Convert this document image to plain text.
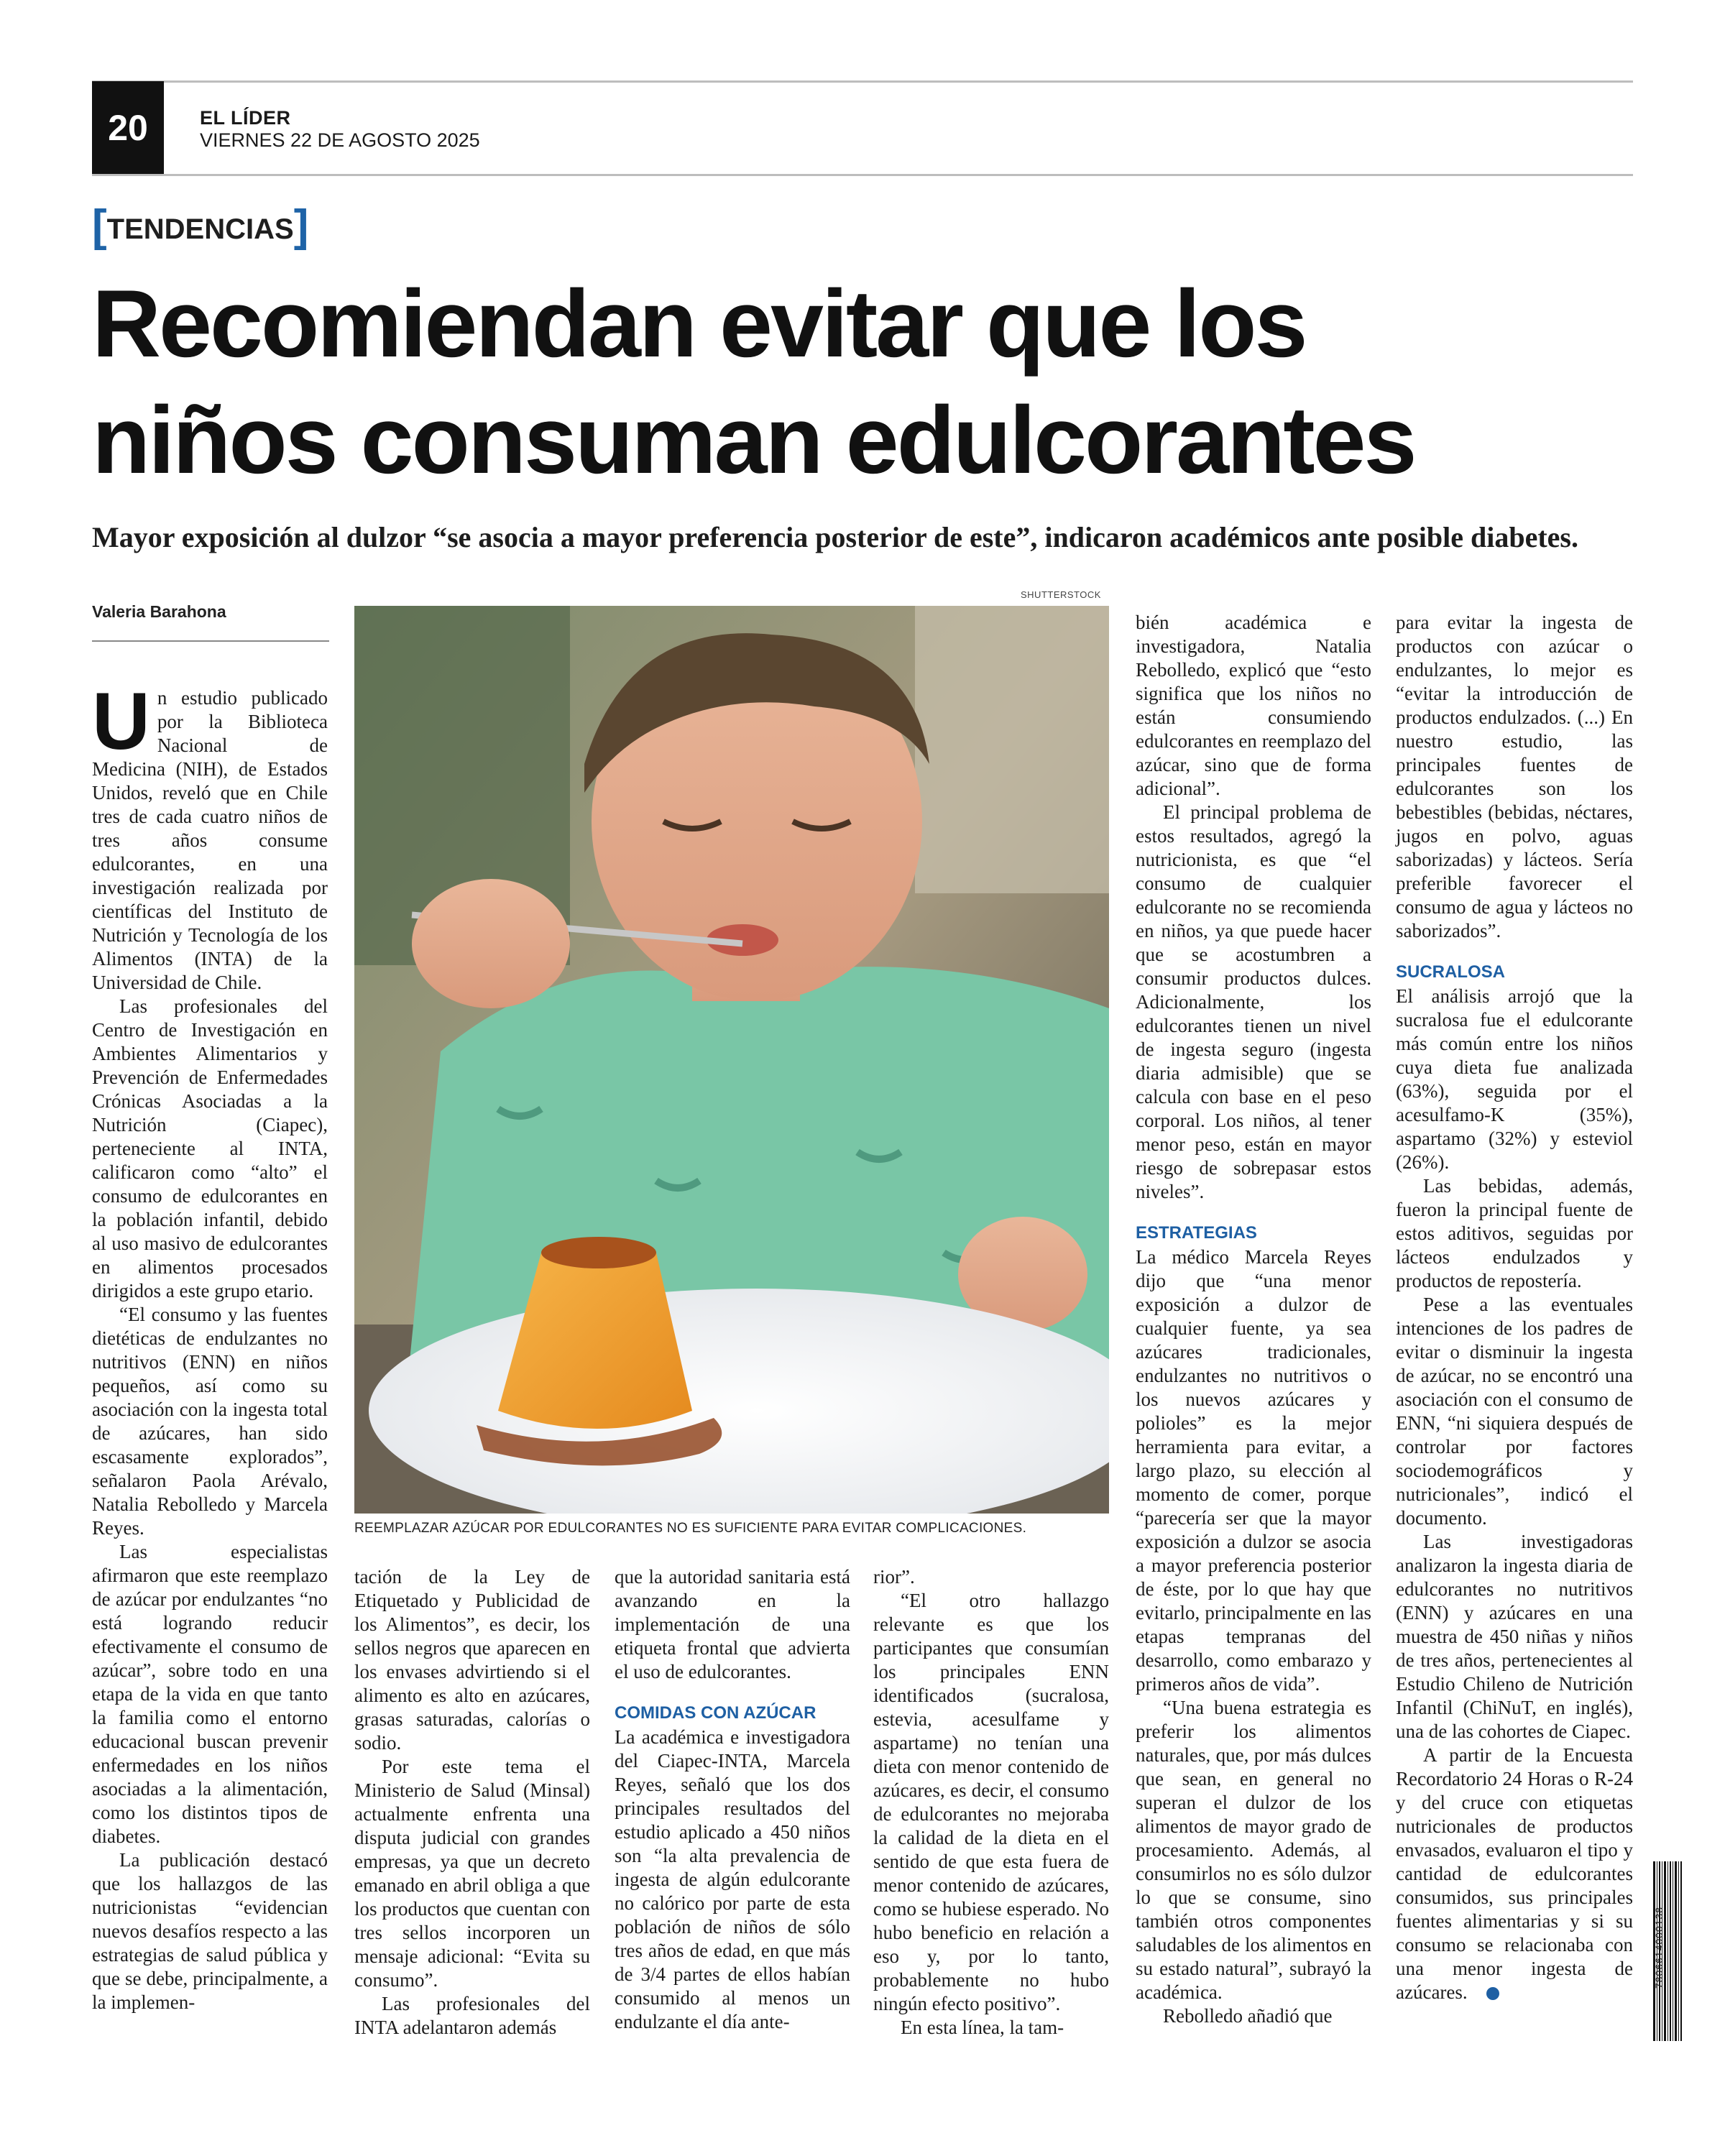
20	EL LÍDER
VIERNES 22 DE AGOSTO 2025
[TENDENCIAS]
Recomiendan evitar que los
niños consuman edulcorantes
Mayor exposición al dulzor “se asocia a mayor preferencia posterior de este”, indicaron académicos ante posible diabetes.
Valeria Barahona
SHUTTERSTOCK
REEMPLAZAR AZÚCAR POR EDULCORANTES NO ES SUFICIENTE PARA EVITAR COMPLICACIONES.

Un estudio publicado por la Biblioteca Nacional de Medicina (NIH), de Estados Unidos, reveló que en Chile tres de cada cuatro niños de tres años consume edulcorantes, en una investigación realizada por científicas del Instituto de Nutrición y Tecnología de los Alimentos (INTA) de la Universidad de Chile.

Las profesionales del Centro de Investigación en Ambientes Alimentarios y Prevención de Enfermedades Crónicas Asociadas a la Nutrición (Ciapec), perteneciente al INTA, calificaron como “alto” el consumo de edulcorantes en la población infantil, debido al uso masivo de edulcorantes en alimentos procesados dirigidos a este grupo etario.

“El consumo y las fuentes dietéticas de endulzantes no nutritivos (ENN) en niños pequeños, así como su asociación con la ingesta total de azúcares, han sido escasamente explorados”, señalaron Paola Arévalo, Natalia Rebolledo y Marcela Reyes.

Las especialistas afirmaron que este reemplazo de azúcar por endulzantes “no está logrando reducir efectivamente el consumo de azúcar”, sobre todo en una etapa de la vida en que tanto la familia como el entorno educacional buscan prevenir enfermedades en los niños asociadas a la alimentación, como los distintos tipos de diabetes.

La publicación destacó que los hallazgos de las nutricionistas “evidencian nuevos desafíos respecto a las estrategias de salud pública y que se debe, principalmente, a la implemen-

tación de la Ley de Etiquetado y Publicidad de los Alimentos”, es decir, los sellos negros que aparecen en los envases advirtiendo si el alimento es alto en azúcares, grasas saturadas, calorías o sodio.

Por este tema el Ministerio de Salud (Minsal) actualmente enfrenta una disputa judicial con grandes empresas, ya que un decreto emanado en abril obliga a que los productos que cuentan con tres sellos incorporen un mensaje adicional: “Evita su consumo”.

Las profesionales del INTA adelantaron además

que la autoridad sanitaria está avanzando en la implementación de una etiqueta frontal que advierta el uso de edulcorantes.

COMIDAS CON AZÚCAR

La académica e investigadora del Ciapec-INTA, Marcela Reyes, señaló que los dos principales resultados del estudio aplicado a 450 niños son “la alta prevalencia de ingesta de algún edulcorante no calórico por parte de esta población de niños de sólo tres años de edad, en que más de 3/4 partes de ellos habían consumido al menos un endulzante el día ante-

rior”.

“El otro hallazgo relevante es que los participantes que consumían los principales ENN identificados (sucralosa, estevia, acesulfame y aspartame) no tenían una dieta con menor contenido de azúcares, es decir, el consumo de edulcorantes no mejoraba la calidad de la dieta en el sentido de que esta fuera de menor contenido de azúcares, como se hubiese esperado. No hubo beneficio en relación a eso y, por lo tanto, probablemente no hubo ningún efecto positivo”.

En esta línea, la tam-

bién académica e investigadora, Natalia Rebolledo, explicó que “esto significa que los niños no están consumiendo edulcorantes en reemplazo del azúcar, sino que de forma adicional”.

El principal problema de estos resultados, agregó la nutricionista, es que “el consumo de cualquier edulcorante no se recomienda en niños, ya que puede hacer que se acostumbren a consumir productos dulces. Adicionalmente, los edulcorantes tienen un nivel de ingesta seguro (ingesta diaria admisible) que se calcula con base en el peso corporal. Los niños, al tener menor peso, están en mayor riesgo de sobrepasar estos niveles”.

ESTRATEGIAS

La médico Marcela Reyes dijo que “una menor exposición a dulzor de cualquier fuente, ya sea azúcares tradicionales, endulzantes no nutritivos o los nuevos azúcares y polioles” es la mejor herramienta para evitar, a largo plazo, su elección al momento de comer, porque “parecería ser que la mayor exposición a dulzor se asocia a mayor preferencia posterior de éste, por lo que hay que evitarlo, principalmente en las etapas tempranas del desarrollo, como embarazo y primeros años de vida”.

“Una buena estrategia es preferir los alimentos naturales, que, por más dulces que sean, en general no superan el dulzor de los alimentos de mayor grado de procesamiento. Además, al consumirlos no es sólo dulzor lo que se consume, sino también otros componentes saludables de los alimentos en su estado natural”, subrayó la académica.

Rebolledo añadió que

para evitar la ingesta de productos con azúcar o endulzantes, lo mejor es “evitar la introducción de productos endulzados. (...) En nuestro estudio, las principales fuentes de edulcorantes son los bebestibles (bebidas, néctares, jugos en polvo, aguas saborizadas) y lácteos. Sería preferible favorecer el consumo de agua y lácteos no saborizados”.

SUCRALOSA

El análisis arrojó que la sucralosa fue el edulcorante más común entre los niños cuya dieta fue analizada (63%), seguida por el acesulfamo-K (35%), aspartamo (32%) y esteviol (26%).

Las bebidas, además, fueron la principal fuente de estos aditivos, seguidas por lácteos endulzados y productos de repostería.

Pese a las eventuales intenciones de los padres de evitar o disminuir la ingesta de azúcar, no se encontró una asociación con el consumo de ENN, “ni siquiera después de controlar por factores sociodemográficos y nutricionales”, indicó el documento.

Las investigadoras analizaron la ingesta diaria de edulcorantes no nutritivos (ENN) y azúcares en una muestra de 450 niñas y niños de tres años, pertenecientes al Estudio Chileno de Nutrición Infantil (ChiNuT, en inglés), una de las cohortes de Ciapec.

A partir de la Encuesta Recordatorio 24 Horas o R-24 y del cruce con etiquetas nutricionales de productos envasados, evaluaron el tipo y cantidad de edulcorantes consumidos, sus principales fuentes alimentarias y si su consumo se relacionaba con una menor ingesta de azúcares.

7806614000138
